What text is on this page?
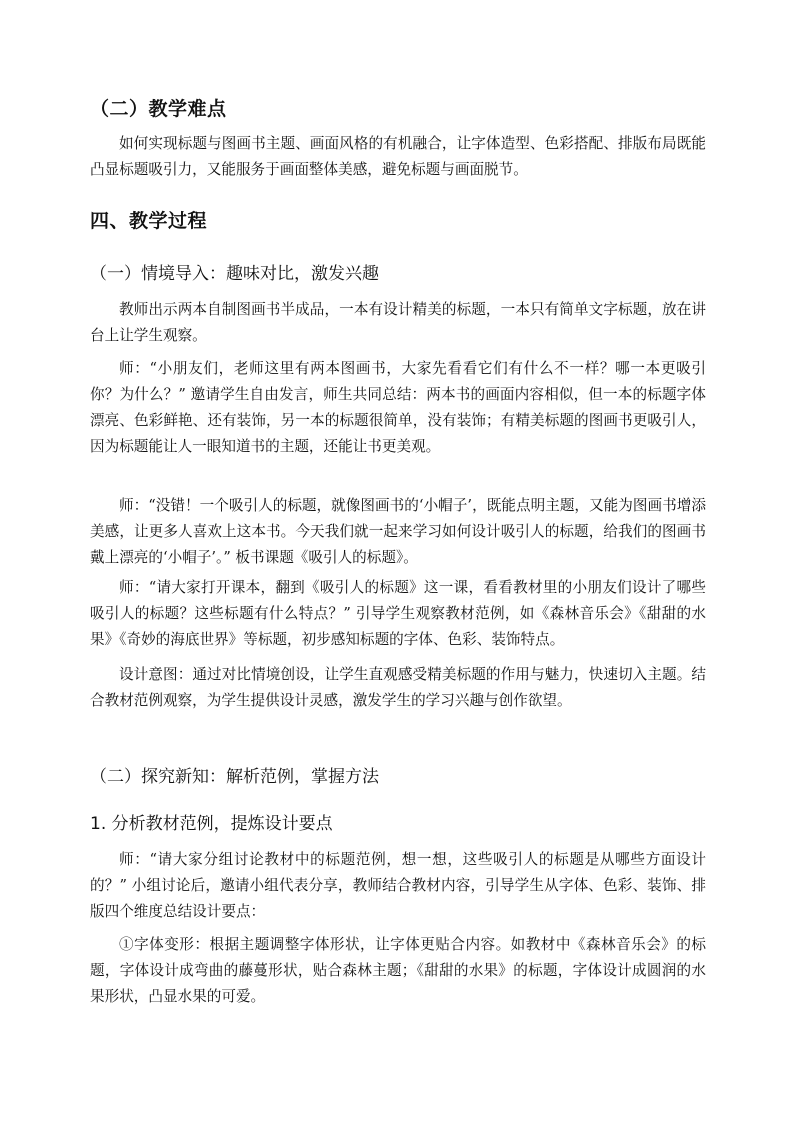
（二）教学难点

如何实现标题与图画书主题、画面风格的有机融合，让字体造型、色彩搭配、排版布局既能凸显标题吸引力，又能服务于画面整体美感，避免标题与画面脱节。

四、教学过程
（一）情境导入：趣味对比，激发兴趣

教师出示两本自制图画书半成品，一本有设计精美的标题，一本只有简单文字标题，放在讲台上让学生观察。

师：“小朋友们，老师这里有两本图画书，大家先看看它们有什么不一样？哪一本更吸引你？为什么？” 邀请学生自由发言，师生共同总结：两本书的画面内容相似，但一本的标题字体漂亮、色彩鲜艳、还有装饰，另一本的标题很简单，没有装饰；有精美标题的图画书更吸引人，因为标题能让人一眼知道书的主题，还能让书更美观。

师：“没错！一个吸引人的标题，就像图画书的‘小帽子’，既能点明主题，又能为图画书增添美感，让更多人喜欢上这本书。今天我们就一起来学习如何设计吸引人的标题，给我们的图画书戴上漂亮的‘小帽子’。” 板书课题《吸引人的标题》。

师：“请大家打开课本，翻到《吸引人的标题》这一课，看看教材里的小朋友们设计了哪些吸引人的标题？这些标题有什么特点？” 引导学生观察教材范例，如《森林音乐会》《甜甜的水果》《奇妙的海底世界》等标题，初步感知标题的字体、色彩、装饰特点。

设计意图：通过对比情境创设，让学生直观感受精美标题的作用与魅力，快速切入主题。结合教材范例观察，为学生提供设计灵感，激发学生的学习兴趣与创作欲望。

（二）探究新知：解析范例，掌握方法
1. 分析教材范例，提炼设计要点

师：“请大家分组讨论教材中的标题范例，想一想，这些吸引人的标题是从哪些方面设计的？” 小组讨论后，邀请小组代表分享，教师结合教材内容，引导学生从字体、色彩、装饰、排版四个维度总结设计要点：

①字体变形：根据主题调整字体形状，让字体更贴合内容。如教材中《森林音乐会》的标题，字体设计成弯曲的藤蔓形状，贴合森林主题；《甜甜的水果》的标题，字体设计成圆润的水果形状，凸显水果的可爱。
